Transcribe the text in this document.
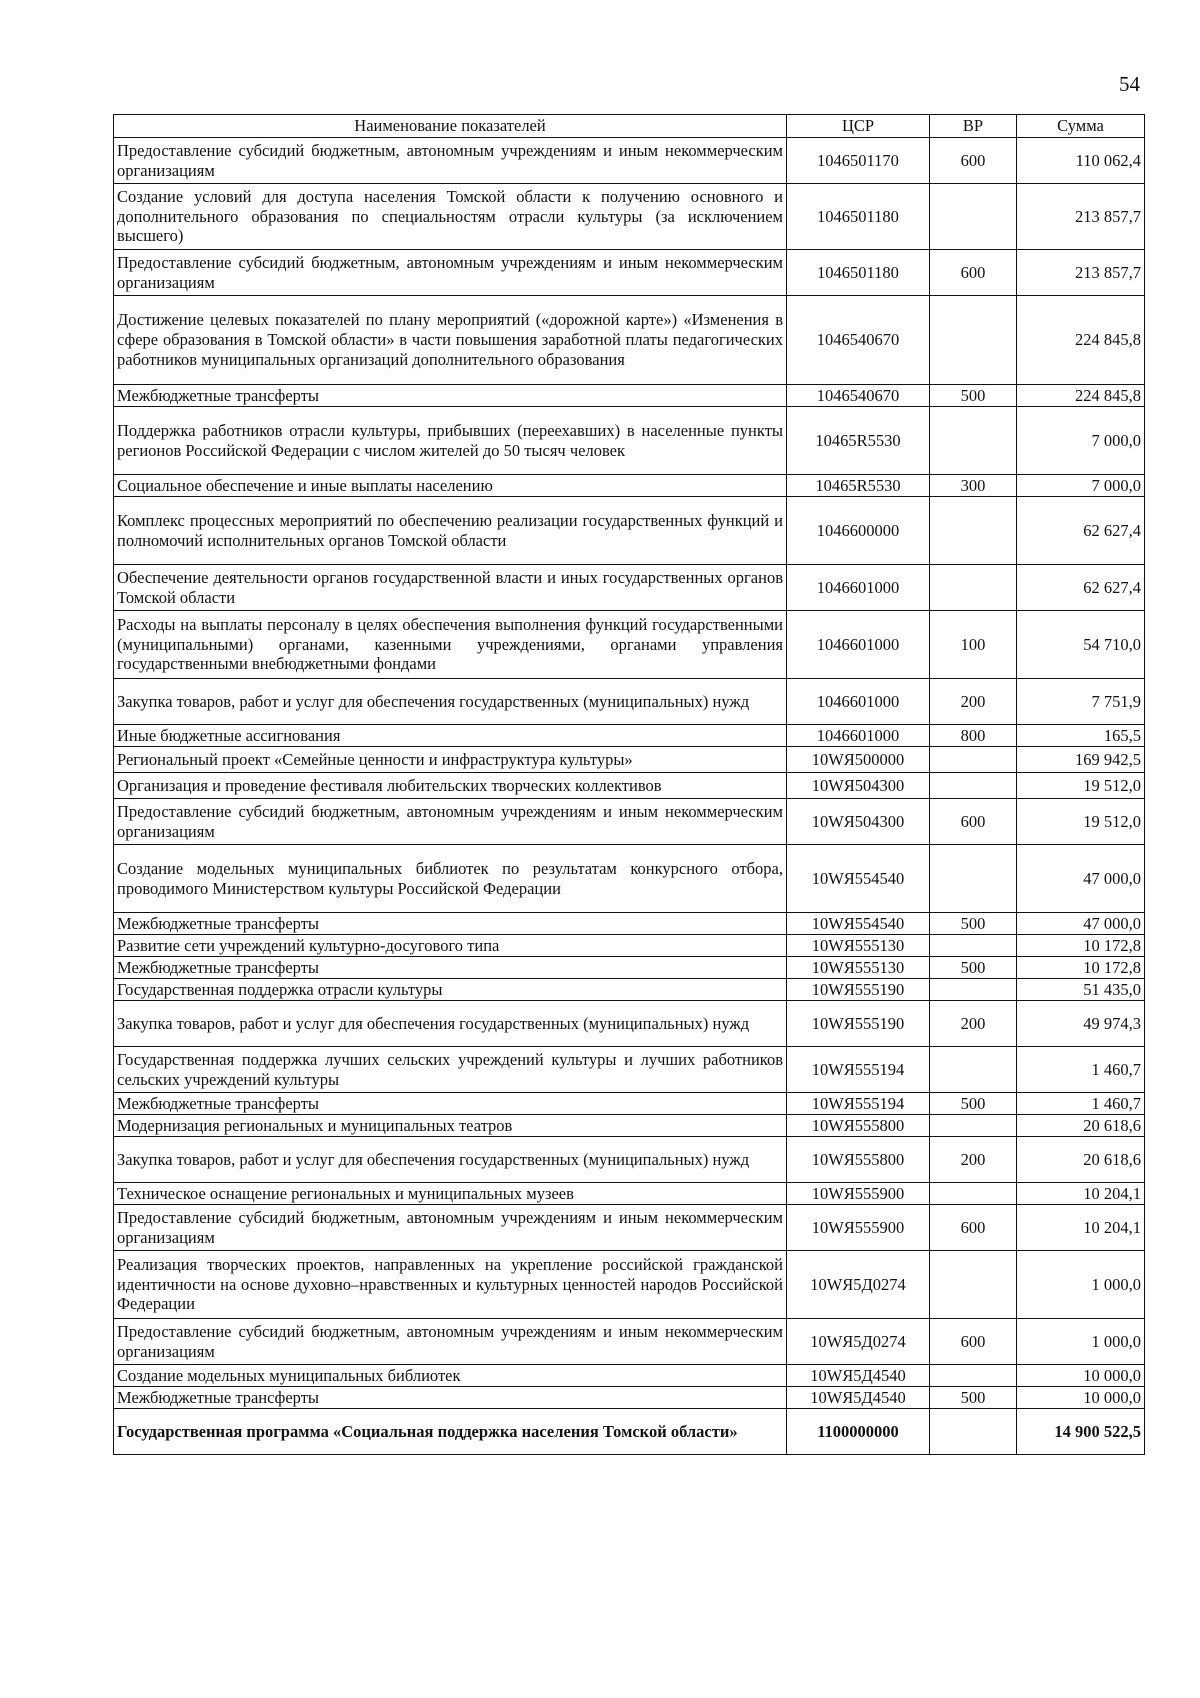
54
Наименование показателей	ЦСР	ВР	Сумма
Предоставление субсидий бюджетным, автономным учреждениям и иным некоммерческим организациям	1046501170	600	110 062,4
Создание условий для доступа населения Томской области к получению основного и дополнительного образования по специальностям отрасли культуры (за исключением высшего)	1046501180		213 857,7
Предоставление субсидий бюджетным, автономным учреждениям и иным некоммерческим организациям	1046501180	600	213 857,7
Достижение целевых показателей по плану мероприятий («дорожной карте») «Изменения в сфере образования в Томской области» в части повышения заработной платы педагогических работников муниципальных организаций дополнительного образования	1046540670		224 845,8
Межбюджетные трансферты	1046540670	500	224 845,8
Поддержка работников отрасли культуры, прибывших (переехавших) в населенные пункты регионов Российской Федерации с числом жителей до 50 тысяч человек	10465R5530		7 000,0
Социальное обеспечение и иные выплаты населению	10465R5530	300	7 000,0
Комплекс процессных мероприятий по обеспечению реализации государственных функций и полномочий исполнительных органов Томской области	1046600000		62 627,4
Обеспечение деятельности органов государственной власти и иных государственных органов Томской области	1046601000		62 627,4
Расходы на выплаты персоналу в целях обеспечения выполнения функций государственными (муниципальными) органами, казенными учреждениями, органами управления государственными внебюджетными фондами	1046601000	100	54 710,0
Закупка товаров, работ и услуг для обеспечения государственных (муниципальных) нужд	1046601000	200	7 751,9
Иные бюджетные ассигнования	1046601000	800	165,5
Региональный проект «Семейные ценности и инфраструктура культуры»	10WЯ500000		169 942,5
Организация и проведение фестиваля любительских творческих коллективов	10WЯ504300		19 512,0
Предоставление субсидий бюджетным, автономным учреждениям и иным некоммерческим организациям	10WЯ504300	600	19 512,0
Создание модельных муниципальных библиотек по результатам конкурсного отбора, проводимого Министерством культуры Российской Федерации	10WЯ554540		47 000,0
Межбюджетные трансферты	10WЯ554540	500	47 000,0
Развитие сети учреждений культурно-досугового типа	10WЯ555130		10 172,8
Межбюджетные трансферты	10WЯ555130	500	10 172,8
Государственная поддержка отрасли культуры	10WЯ555190		51 435,0
Закупка товаров, работ и услуг для обеспечения государственных (муниципальных) нужд	10WЯ555190	200	49 974,3
Государственная поддержка лучших сельских учреждений культуры и лучших работников сельских учреждений культуры	10WЯ555194		1 460,7
Межбюджетные трансферты	10WЯ555194	500	1 460,7
Модернизация региональных и муниципальных театров	10WЯ555800		20 618,6
Закупка товаров, работ и услуг для обеспечения государственных (муниципальных) нужд	10WЯ555800	200	20 618,6
Техническое оснащение региональных и муниципальных музеев	10WЯ555900		10 204,1
Предоставление субсидий бюджетным, автономным учреждениям и иным некоммерческим организациям	10WЯ555900	600	10 204,1
Реализация творческих проектов, направленных на укрепление российской гражданской идентичности на основе духовно–нравственных и культурных ценностей народов Российской Федерации	10WЯ5Д0274		1 000,0
Предоставление субсидий бюджетным, автономным учреждениям и иным некоммерческим организациям	10WЯ5Д0274	600	1 000,0
Создание модельных муниципальных библиотек	10WЯ5Д4540		10 000,0
Межбюджетные трансферты	10WЯ5Д4540	500	10 000,0
Государственная программа «Социальная поддержка населения Томской области»	1100000000		14 900 522,5
